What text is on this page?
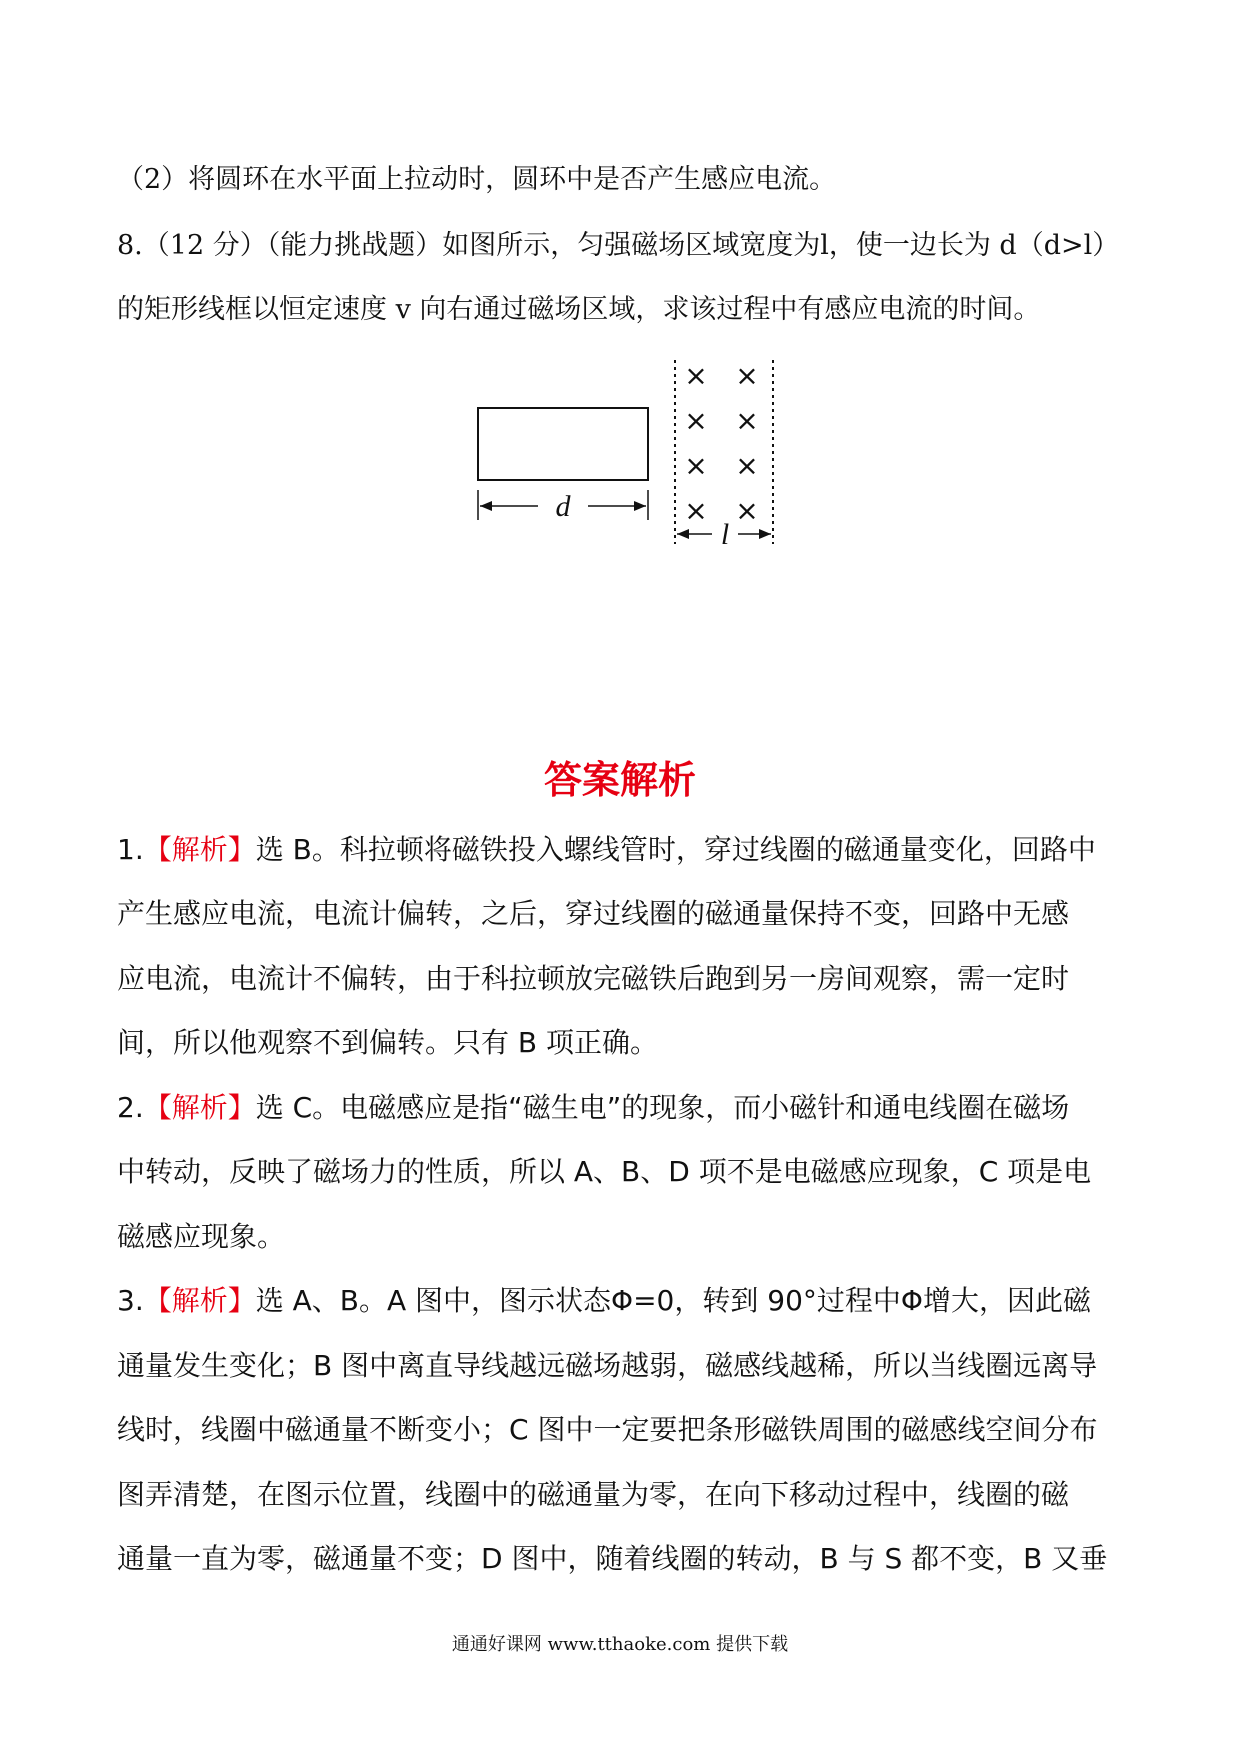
（2）将圆环在水平面上拉动时，圆环中是否产生感应电流。
8.（12 分）（能力挑战题）如图所示，匀强磁场区域宽度为l，使一边长为 d（d>l）
的矩形线框以恒定速度 v 向右通过磁场区域，求该过程中有感应电流的时间。
d
× ×
× ×
× ×
× ×
l
答案解析
1.【解析】选 B。科拉顿将磁铁投入螺线管时，穿过线圈的磁通量变化，回路中
产生感应电流，电流计偏转，之后，穿过线圈的磁通量保持不变，回路中无感
应电流，电流计不偏转，由于科拉顿放完磁铁后跑到另一房间观察，需一定时
间，所以他观察不到偏转。只有 B 项正确。
2.【解析】选 C。电磁感应是指“磁生电”的现象，而小磁针和通电线圈在磁场
中转动，反映了磁场力的性质，所以 A、B、D 项不是电磁感应现象，C 项是电
磁感应现象。
3.【解析】选 A、B。A 图中，图示状态Φ=0，转到 90°过程中Φ增大，因此磁
通量发生变化；B 图中离直导线越远磁场越弱，磁感线越稀，所以当线圈远离导
线时，线圈中磁通量不断变小；C 图中一定要把条形磁铁周围的磁感线空间分布
图弄清楚，在图示位置，线圈中的磁通量为零，在向下移动过程中，线圈的磁
通量一直为零，磁通量不变；D 图中，随着线圈的转动，B 与 S 都不变，B 又垂
通通好课网 www.tthaoke.com 提供下载
